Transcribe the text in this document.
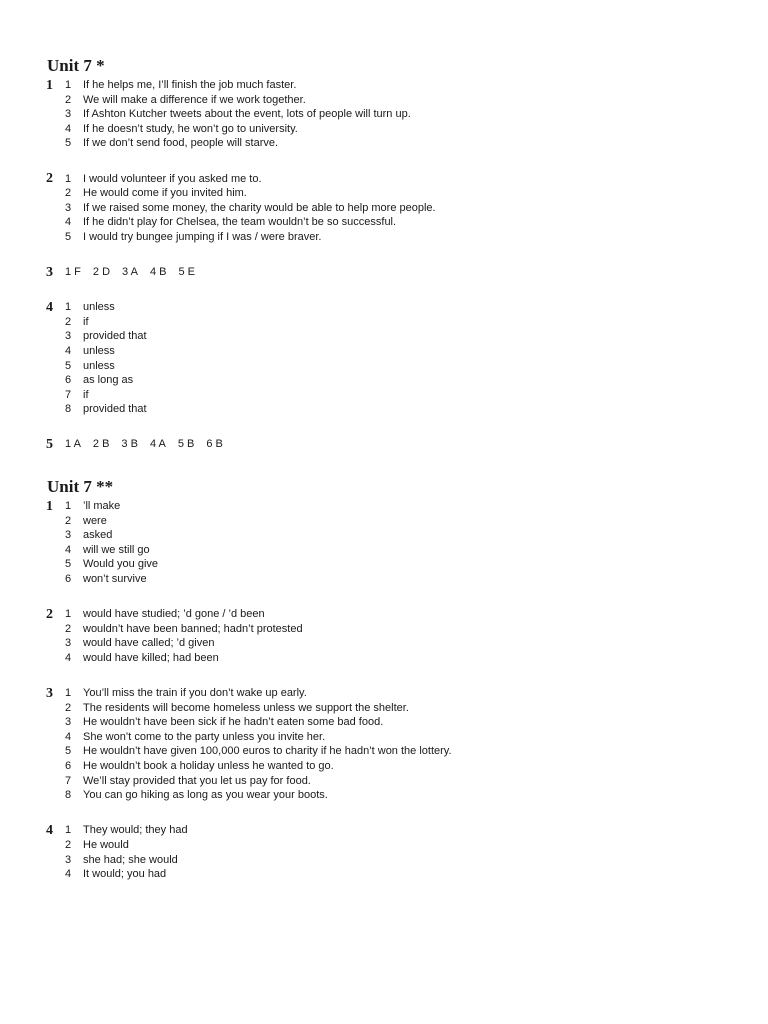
Unit 7 *
1 1 If he helps me, I’ll finish the job much faster.
2 We will make a difference if we work together.
3 If Ashton Kutcher tweets about the event, lots of people will turn up.
4 If he doesn’t study, he won’t go to university.
5 If we don’t send food, people will starve.
2 1 I would volunteer if you asked me to.
2 He would come if you invited him.
3 If we raised some money, the charity would be able to help more people.
4 If he didn’t play for Chelsea, the team wouldn’t be so successful.
5 I would try bungee jumping if I was / were braver.
3 1 F 2 D 3 A 4 B 5 E
4 1 unless
2 if
3 provided that
4 unless
5 unless
6 as long as
7 if
8 provided that
5 1 A 2 B 3 B 4 A 5 B 6 B
Unit 7 **
1 1 ’ll make
2 were
3 asked
4 will we still go
5 Would you give
6 won’t survive
2 1 would have studied; ’d gone / ’d been
2 wouldn’t have been banned; hadn’t protested
3 would have called; ’d given
4 would have killed; had been
3 1 You’ll miss the train if you don’t wake up early.
2 The residents will become homeless unless we support the shelter.
3 He wouldn’t have been sick if he hadn’t eaten some bad food.
4 She won’t come to the party unless you invite her.
5 He wouldn’t have given 100,000 euros to charity if he hadn’t won the lottery.
6 He wouldn’t book a holiday unless he wanted to go.
7 We’ll stay provided that you let us pay for food.
8 You can go hiking as long as you wear your boots.
4 1 They would; they had
2 He would
3 she had; she would
4 It would; you had
